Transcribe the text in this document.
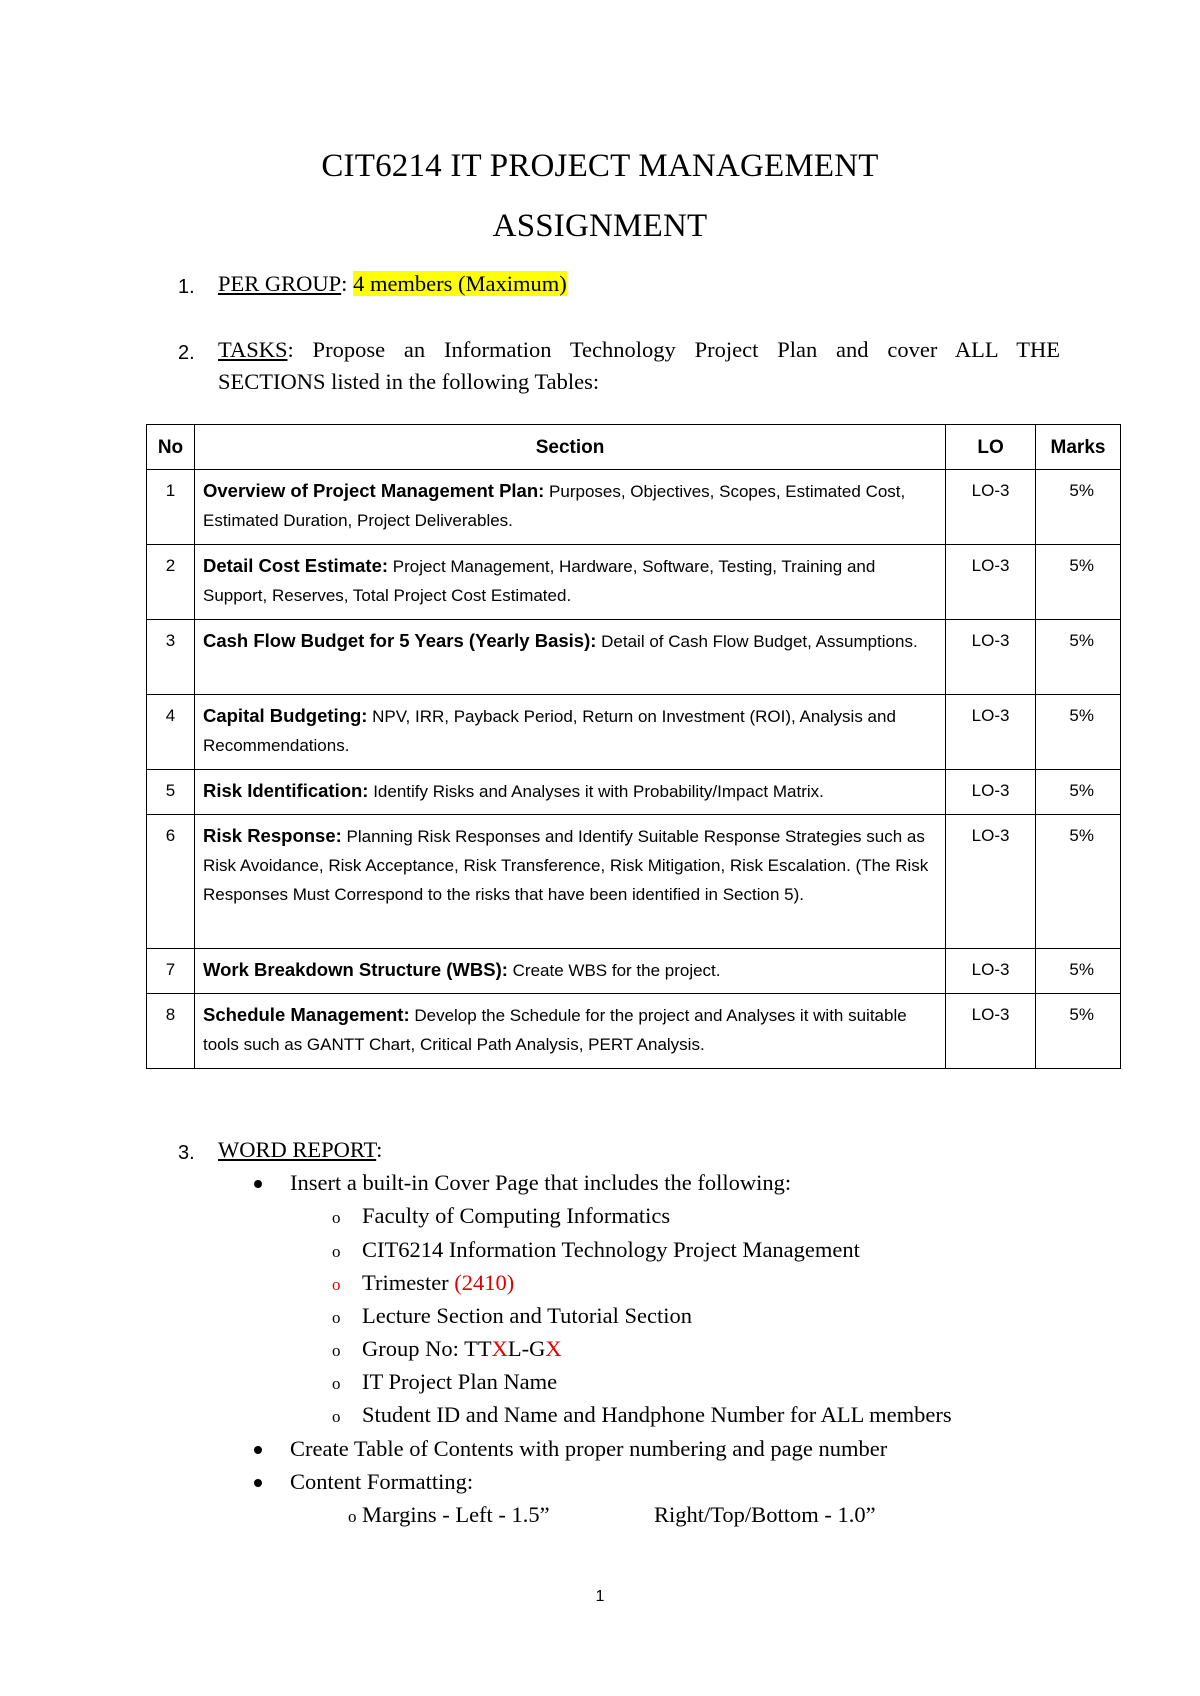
CIT6214 IT PROJECT MANAGEMENT
ASSIGNMENT
1. PER GROUP: 4 members (Maximum)
2. TASKS: Propose an Information Technology Project Plan and cover ALL THE
SECTIONS listed in the following Tables:
No	Section	LO	Marks
1	Overview of Project Management Plan: Purposes, Objectives, Scopes, Estimated Cost, Estimated Duration, Project Deliverables.	LO-3	5%
2	Detail Cost Estimate: Project Management, Hardware, Software, Testing, Training and Support, Reserves, Total Project Cost Estimated.	LO-3	5%
3	Cash Flow Budget for 5 Years (Yearly Basis): Detail of Cash Flow Budget, Assumptions.	LO-3	5%
4	Capital Budgeting: NPV, IRR, Payback Period, Return on Investment (ROI), Analysis and Recommendations.	LO-3	5%
5	Risk Identification: Identify Risks and Analyses it with Probability/Impact Matrix.	LO-3	5%
6	Risk Response: Planning Risk Responses and Identify Suitable Response Strategies such as Risk Avoidance, Risk Acceptance, Risk Transference, Risk Mitigation, Risk Escalation. (The Risk Responses Must Correspond to the risks that have been identified in Section 5).	LO-3	5%
7	Work Breakdown Structure (WBS): Create WBS for the project.	LO-3	5%
8	Schedule Management: Develop the Schedule for the project and Analyses it with suitable tools such as GANTT Chart, Critical Path Analysis, PERT Analysis.	LO-3	5%
3. WORD REPORT:
Insert a built-in Cover Page that includes the following:
o Faculty of Computing Informatics
o CIT6214 Information Technology Project Management
o Trimester (2410)
o Lecture Section and Tutorial Section
o Group No: TTXL-GX
o IT Project Plan Name
o Student ID and Name and Handphone Number for ALL members
Create Table of Contents with proper numbering and page number
Content Formatting:
o Margins - Left - 1.5”	Right/Top/Bottom - 1.0”
1
